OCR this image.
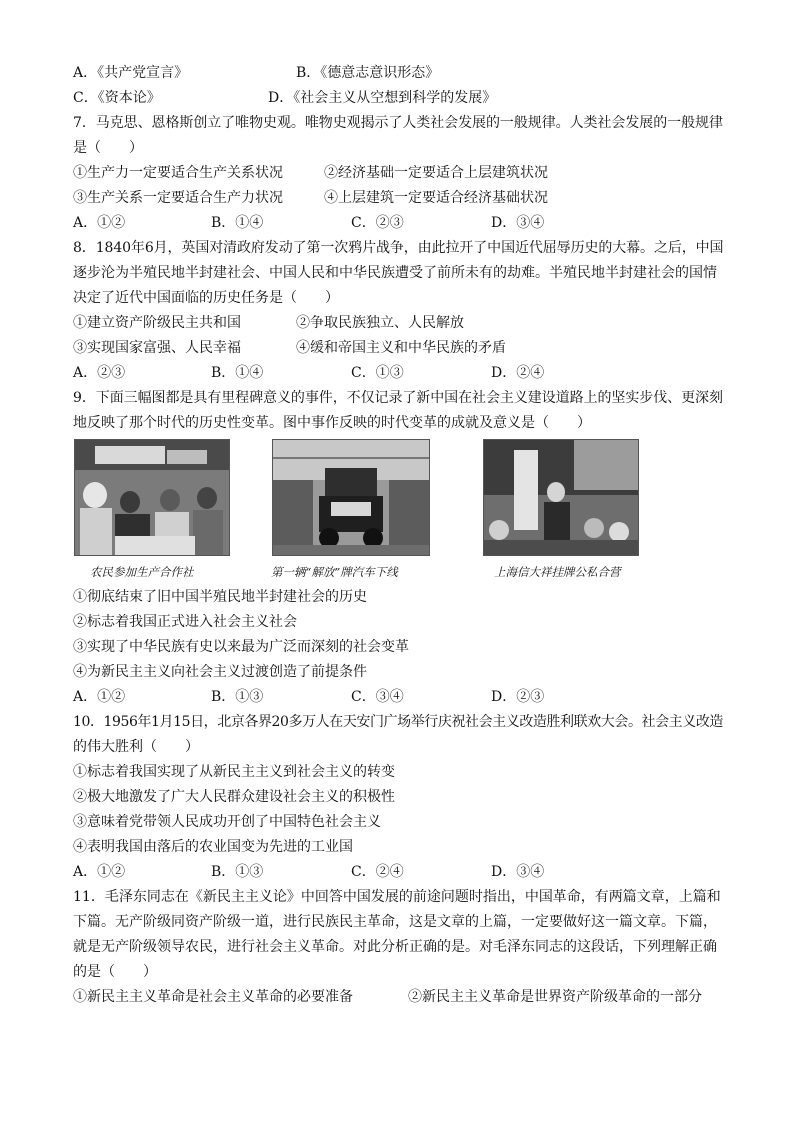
A．《共产党宣言》	B．《德意志意识形态》
C．《资本论》	D．《社会主义从空想到科学的发展》
7．马克思、恩格斯创立了唯物史观。唯物史观揭示了人类社会发展的一般规律。人类社会发展的一般规律
是（　　）
①生产力一定要适合生产关系状况	②经济基础一定要适合上层建筑状况
③生产关系一定要适合生产力状况	④上层建筑一定要适合经济基础状况
A．①②	B．①④	C．②③	D．③④
8．1840年6月，英国对清政府发动了第一次鸦片战争，由此拉开了中国近代屈辱历史的大幕。之后，中国
逐步沦为半殖民地半封建社会、中国人民和中华民族遭受了前所未有的劫难。半殖民地半封建社会的国情
决定了近代中国面临的历史任务是（　　）
①建立资产阶级民主共和国	②争取民族独立、人民解放
③实现国家富强、人民幸福	④缓和帝国主义和中华民族的矛盾
A．②③	B．①④	C．①③	D．②④
9．下面三幅图都是具有里程碑意义的事件，不仅记录了新中国在社会主义建设道路上的坚实步伐、更深刻
地反映了那个时代的历史性变革。图中事作反映的时代变革的成就及意义是（　　）
农民参加生产合作社	第一辆“解放”牌汽车下线	上海信大祥挂牌公私合营
①彻底结束了旧中国半殖民地半封建社会的历史
②标志着我国正式进入社会主义社会
③实现了中华民族有史以来最为广泛而深刻的社会变革
④为新民主主义向社会主义过渡创造了前提条件
A．①②	B．①③	C．③④	D．②③
10．1956年1月15日，北京各界20多万人在天安门广场举行庆祝社会主义改造胜利联欢大会。社会主义改造
的伟大胜利（　　）
①标志着我国实现了从新民主主义到社会主义的转变
②极大地激发了广大人民群众建设社会主义的积极性
③意味着党带领人民成功开创了中国特色社会主义
④表明我国由落后的农业国变为先进的工业国
A．①②	B．①③	C．②④	D．③④
11．毛泽东同志在《新民主主义论》中回答中国发展的前途问题时指出，中国革命，有两篇文章，上篇和
下篇。无产阶级同资产阶级一道，进行民族民主革命，这是文章的上篇，一定要做好这一篇文章。下篇，
就是无产阶级领导农民，进行社会主义革命。对此分析正确的是。对毛泽东同志的这段话，下列理解正确
的是（　　）
①新民主主义革命是社会主义革命的必要准备	②新民主主义革命是世界资产阶级革命的一部分
